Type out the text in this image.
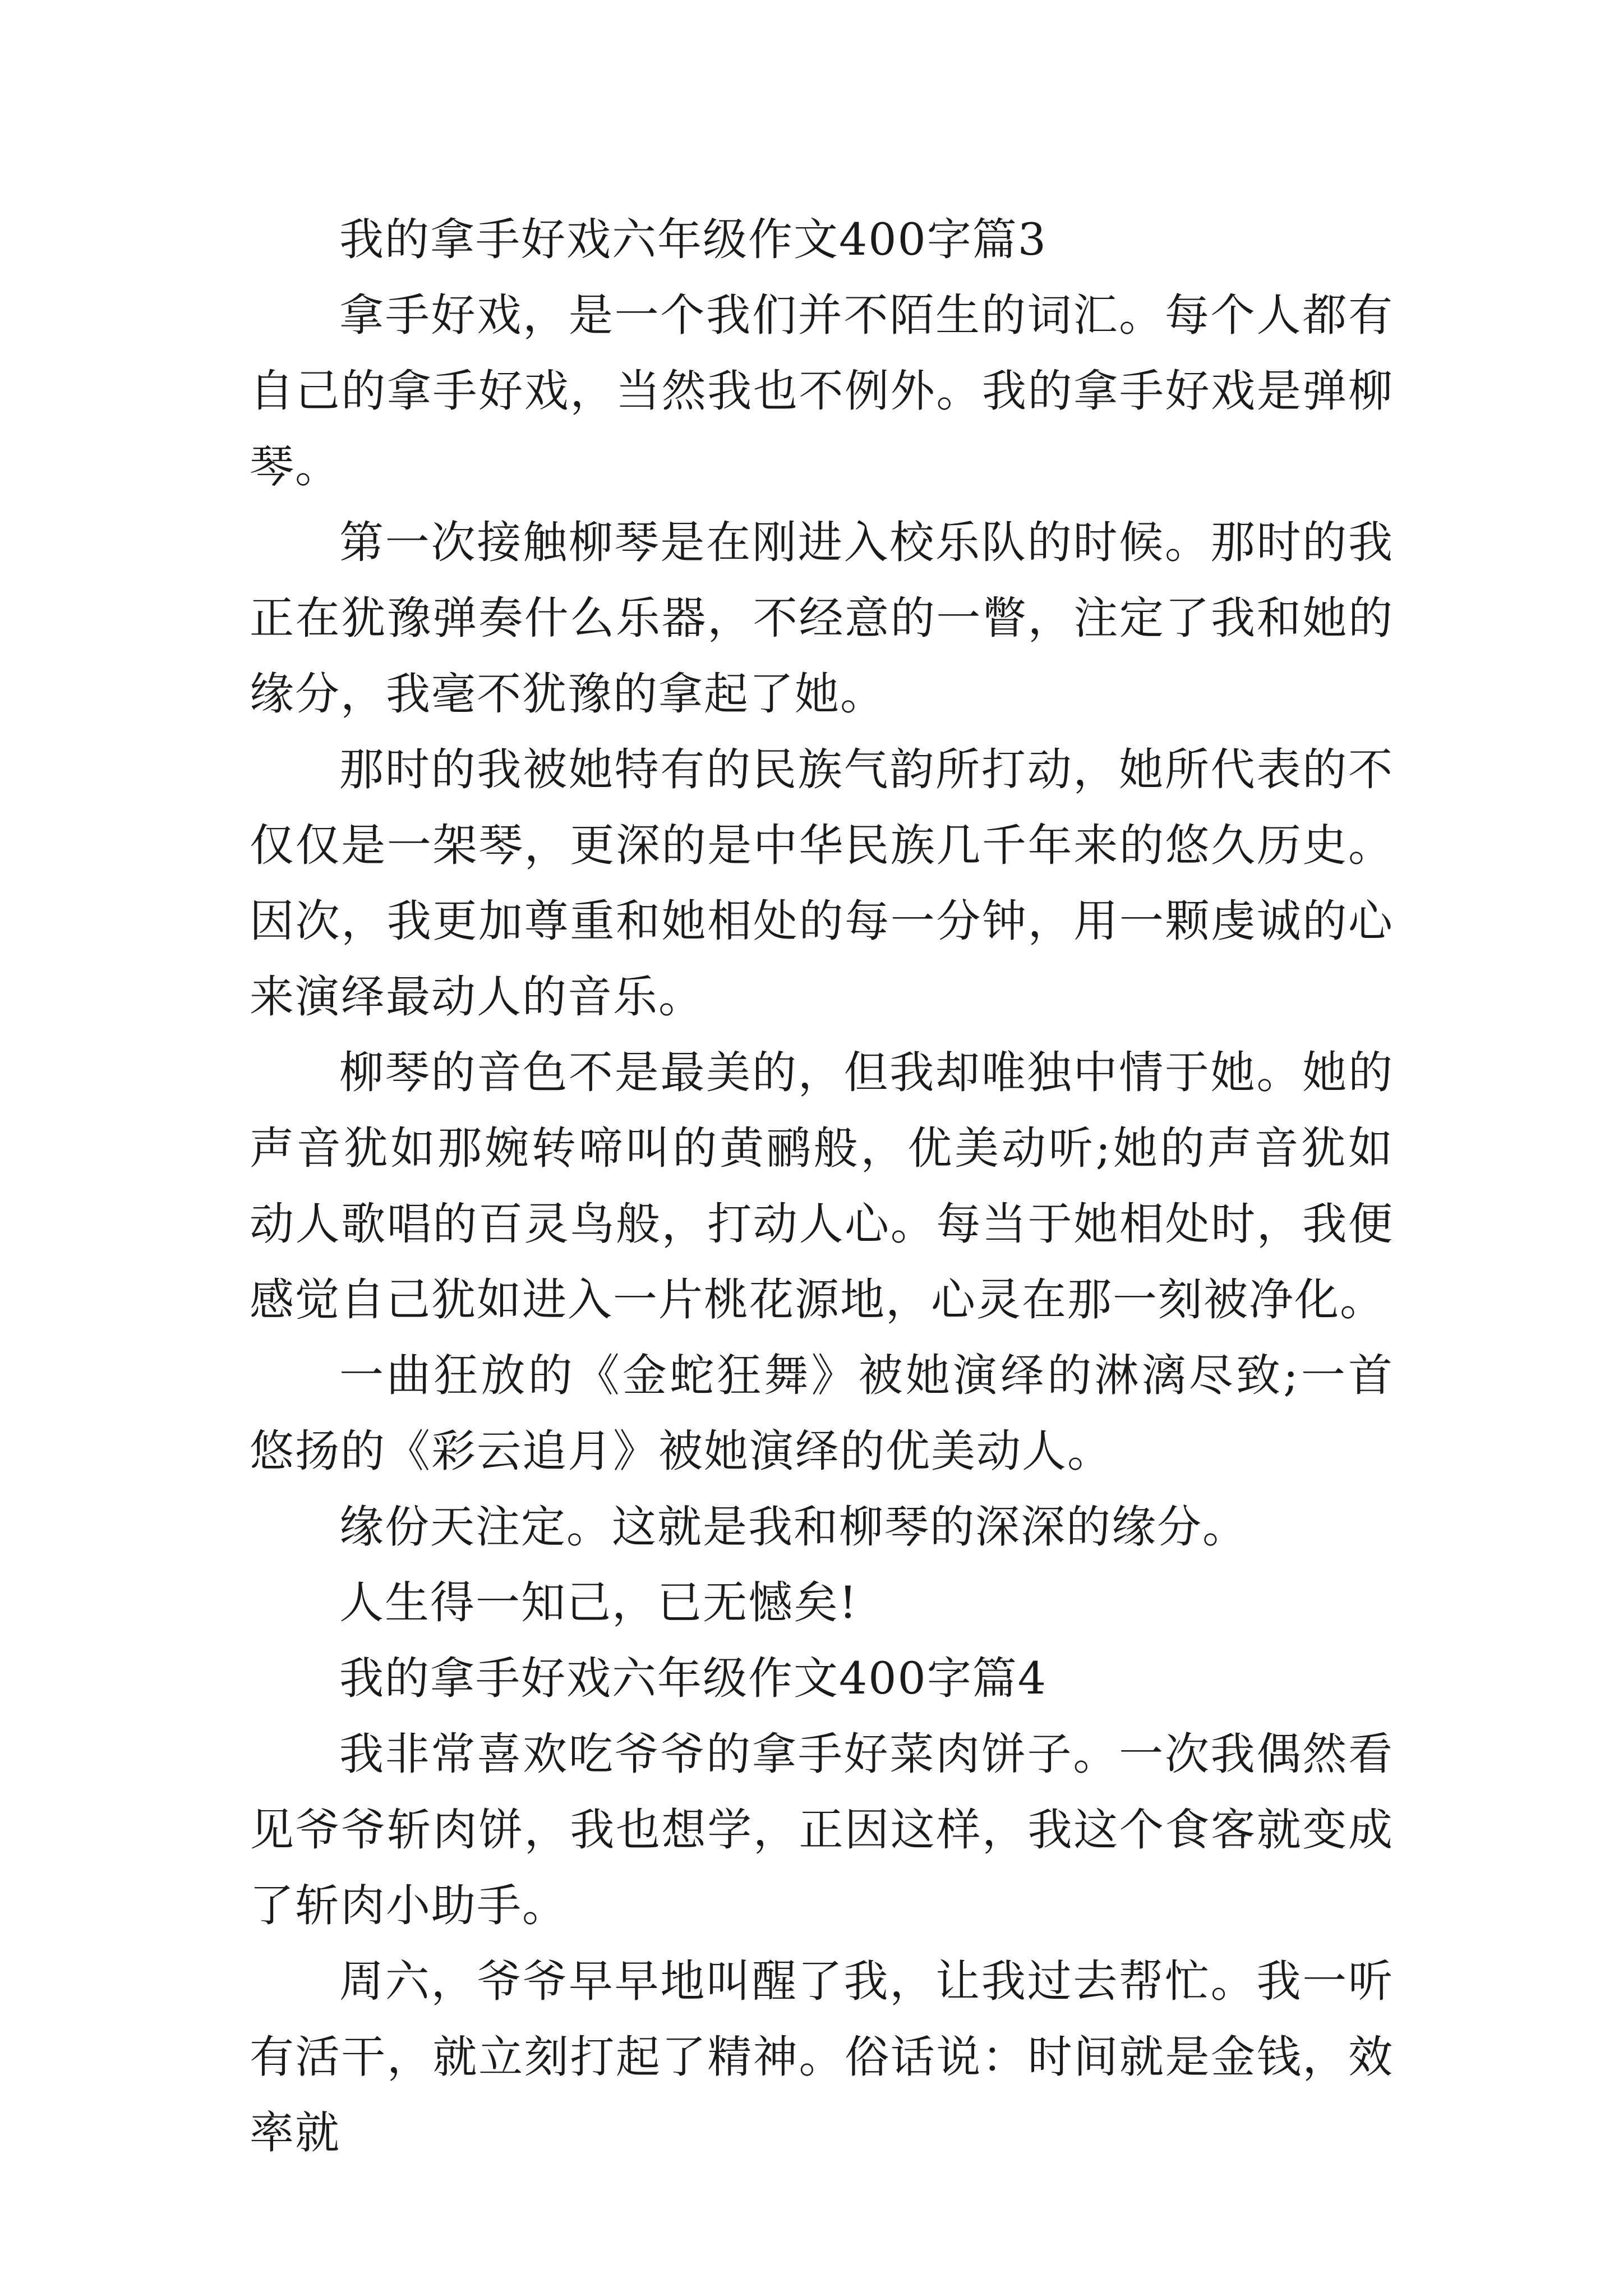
我的拿手好戏六年级作文400字篇3

拿手好戏，是一个我们并不陌生的词汇。每个人都有自己的拿手好戏，当然我也不例外。我的拿手好戏是弹柳琴。

第一次接触柳琴是在刚进入校乐队的时候。那时的我正在犹豫弹奏什么乐器，不经意的一瞥，注定了我和她的缘分，我毫不犹豫的拿起了她。

那时的我被她特有的民族气韵所打动，她所代表的不仅仅是一架琴，更深的是中华民族几千年来的悠久历史。因次，我更加尊重和她相处的每一分钟，用一颗虔诚的心来演绎最动人的音乐。

柳琴的音色不是最美的，但我却唯独中情于她。她的声音犹如那婉转啼叫的黄鹂般，优美动听;她的声音犹如动人歌唱的百灵鸟般，打动人心。每当于她相处时，我便感觉自己犹如进入一片桃花源地，心灵在那一刻被净化。

一曲狂放的《金蛇狂舞》被她演绎的淋漓尽致;一首悠扬的《彩云追月》被她演绎的优美动人。

缘份天注定。这就是我和柳琴的深深的缘分。

人生得一知己，已无憾矣!

我的拿手好戏六年级作文400字篇4

我非常喜欢吃爷爷的拿手好菜肉饼子。一次我偶然看见爷爷斩肉饼，我也想学，正因这样，我这个食客就变成了斩肉小助手。

周六，爷爷早早地叫醒了我，让我过去帮忙。我一听有活干，就立刻打起了精神。俗话说：时间就是金钱，效率就
